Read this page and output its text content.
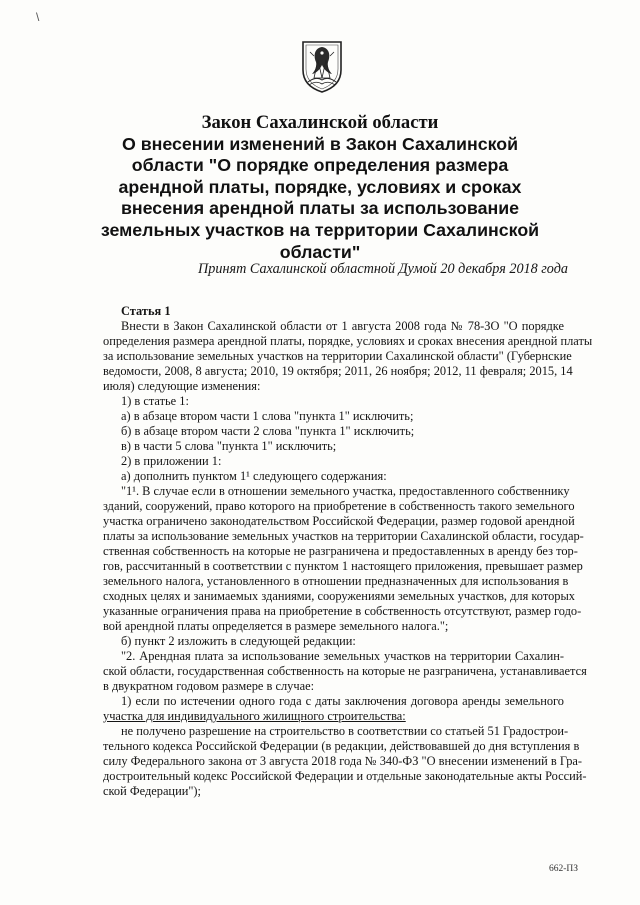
\
Закон Сахалинской области
О внесении изменений в Закон Сахалинской
области "О порядке определения размера
арендной платы, порядке, условиях и сроках
внесения арендной платы за использование
земельных участков на территории Сахалинской
области"
Принят Сахалинской областной Думой 20 декабря 2018 года
Статья 1
Внести в Закон Сахалинской области от 1 августа 2008 года № 78-ЗО "О порядке
определения размера арендной платы, порядке, условиях и сроках внесения арендной платы
за использование земельных участков на территории Сахалинской области" (Губернские
ведомости, 2008, 8 августа; 2010, 19 октября; 2011, 26 ноября; 2012, 11 февраля; 2015, 14
июля) следующие изменения:
1) в статье 1:
а) в абзаце втором части 1 слова "пункта 1" исключить;
б) в абзаце втором части 2 слова "пункта 1" исключить;
в) в части 5 слова "пункта 1" исключить;
2) в приложении 1:
а) дополнить пунктом 1¹ следующего содержания:
"1¹. В случае если в отношении земельного участка, предоставленного собственнику
зданий, сооружений, право которого на приобретение в собственность такого земельного
участка ограничено законодательством Российской Федерации, размер годовой арендной
платы за использование земельных участков на территории Сахалинской области, государ-
ственная собственность на которые не разграничена и предоставленных в аренду без тор-
гов, рассчитанный в соответствии с пунктом 1 настоящего приложения, превышает размер
земельного налога, установленного в отношении предназначенных для использования в
сходных целях и занимаемых зданиями, сооружениями земельных участков, для которых
указанные ограничения права на приобретение в собственность отсутствуют, размер годо-
вой арендной платы определяется в размере земельного налога.";
б) пункт 2 изложить в следующей редакции:
"2. Арендная плата за использование земельных участков на территории Сахалин-
ской области, государственная собственность на которые не разграничена, устанавливается
в двукратном годовом размере в случае:
1) если по истечении одного года с даты заключения договора аренды земельного
участка для индивидуального жилищного строительства:
не получено разрешение на строительство в соответствии со статьей 51 Градострои-
тельного кодекса Российской Федерации (в редакции, действовавшей до дня вступления в
силу Федерального закона от 3 августа 2018 года № 340-ФЗ "О внесении изменений в Гра-
достроительный кодекс Российской Федерации и отдельные законодательные акты Россий-
ской Федерации");
662-ПЗ
